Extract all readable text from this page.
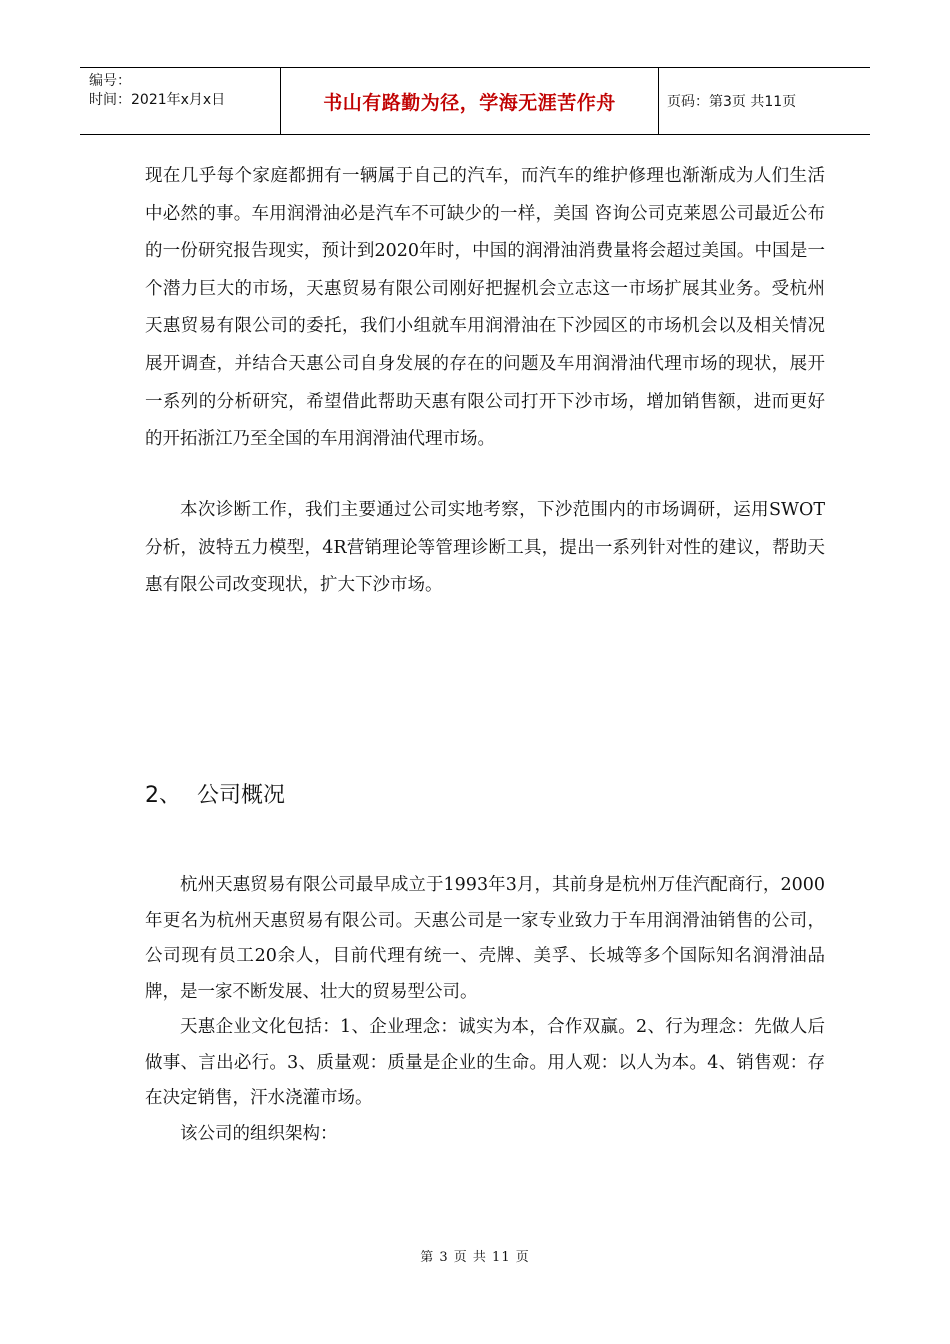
编号：
时间：2021年x月x日	书山有路勤为径，学海无涯苦作舟	页码：第3页 共11页

现在几乎每个家庭都拥有一辆属于自己的汽车，而汽车的维护修理也渐渐成为人们生活中必然的事。车用润滑油必是汽车不可缺少的一样，美国 咨询公司克莱恩公司最近公布的一份研究报告现实，预计到2020年时，中国的润滑油消费量将会超过美国。中国是一个潜力巨大的市场，天惠贸易有限公司刚好把握机会立志这一市场扩展其业务。受杭州天惠贸易有限公司的委托，我们小组就车用润滑油在下沙园区的市场机会以及相关情况展开调查，并结合天惠公司自身发展的存在的问题及车用润滑油代理市场的现状，展开一系列的分析研究，希望借此帮助天惠有限公司打开下沙市场，增加销售额，进而更好的开拓浙江乃至全国的车用润滑油代理市场。

本次诊断工作，我们主要通过公司实地考察，下沙范围内的市场调研，运用SWOT分析，波特五力模型，4R营销理论等管理诊断工具，提出一系列针对性的建议，帮助天惠有限公司改变现状，扩大下沙市场。

2、 公司概况

杭州天惠贸易有限公司最早成立于1993年3月，其前身是杭州万佳汽配商行，2000年更名为杭州天惠贸易有限公司。天惠公司是一家专业致力于车用润滑油销售的公司，公司现有员工20余人，目前代理有统一、壳牌、美孚、长城等多个国际知名润滑油品牌，是一家不断发展、壮大的贸易型公司。

天惠企业文化包括：1、企业理念：诚实为本，合作双赢。2、行为理念：先做人后做事、言出必行。3、质量观：质量是企业的生命。用人观：以人为本。4、销售观：存在决定销售，汗水浇灌市场。

该公司的组织架构：

第 3 页 共 11 页
